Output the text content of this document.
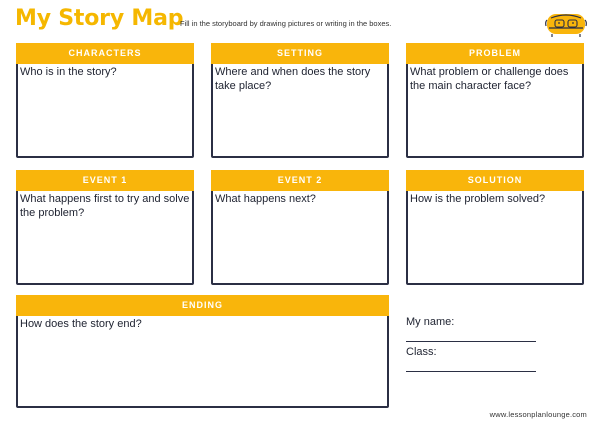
My Story Map
Fill in the storyboard by drawing pictures or writing in the boxes.
CHARACTERS
Who is in the story?
SETTING
Where and when does the story take place?
PROBLEM
What problem or challenge does the main character face?
EVENT 1
What happens first to try and solve the problem?
EVENT 2
What happens next?
SOLUTION
How is the problem solved?
ENDING
How does the story end?	My name:
Class:
www.lessonplanlounge.com
